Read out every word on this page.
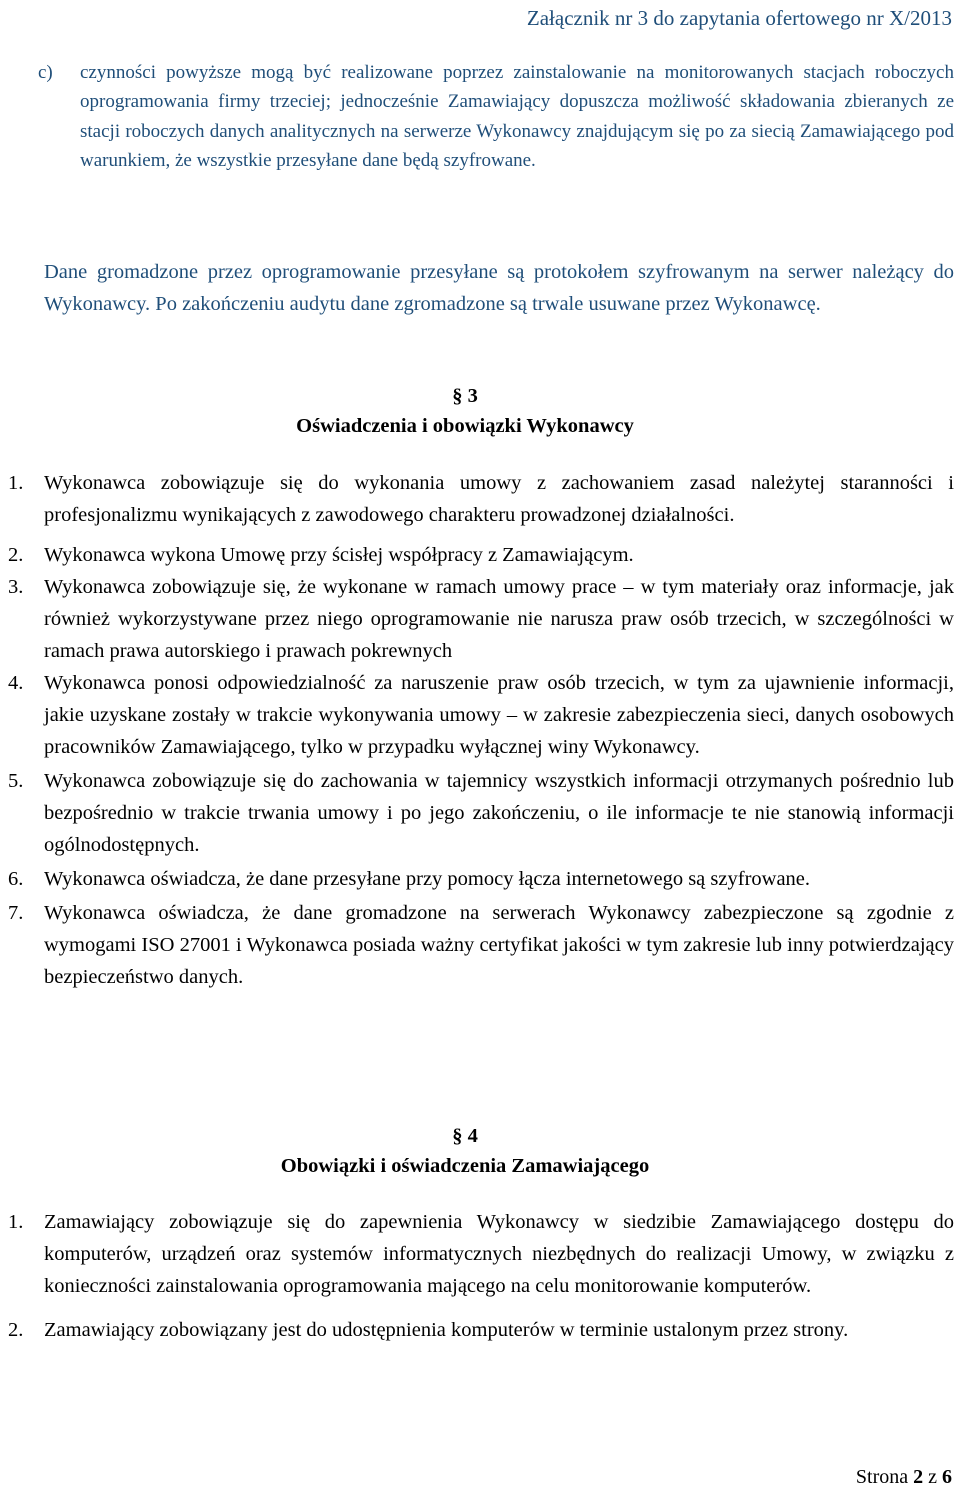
Załącznik nr 3 do zapytania ofertowego nr X/2013
c) czynności powyższe mogą być realizowane poprzez zainstalowanie na monitorowanych stacjach roboczych oprogramowania firmy trzeciej; jednocześnie Zamawiający dopuszcza możliwość składowania zbieranych ze stacji roboczych danych analitycznych na serwerze Wykonawcy znajdującym się po za siecią Zamawiającego pod warunkiem, że wszystkie przesyłane dane będą szyfrowane.
Dane gromadzone przez oprogramowanie przesyłane są protokołem szyfrowanym na serwer należący do Wykonawcy. Po zakończeniu audytu dane zgromadzone są trwale usuwane przez Wykonawcę.
§ 3
Oświadczenia i obowiązki Wykonawcy
1. Wykonawca zobowiązuje się do wykonania umowy z zachowaniem zasad należytej staranności i profesjonalizmu wynikających z zawodowego charakteru prowadzonej działalności.
2. Wykonawca wykona Umowę przy ścisłej współpracy z Zamawiającym.
3. Wykonawca zobowiązuje się, że wykonane w ramach umowy prace – w tym materiały oraz informacje, jak również wykorzystywane przez niego oprogramowanie nie narusza praw osób trzecich, w szczególności w ramach prawa autorskiego i prawach pokrewnych
4. Wykonawca ponosi odpowiedzialność za naruszenie praw osób trzecich, w tym za ujawnienie informacji, jakie uzyskane zostały w trakcie wykonywania umowy – w zakresie zabezpieczenia sieci, danych osobowych pracowników Zamawiającego, tylko w przypadku wyłącznej winy Wykonawcy.
5. Wykonawca zobowiązuje się do zachowania w tajemnicy wszystkich informacji otrzymanych pośrednio lub bezpośrednio w trakcie trwania umowy i po jego zakończeniu, o ile informacje te nie stanowią informacji ogólnodostępnych.
6. Wykonawca oświadcza, że dane przesyłane przy pomocy łącza internetowego są szyfrowane.
7. Wykonawca oświadcza, że dane gromadzone na serwerach Wykonawcy zabezpieczone są zgodnie z wymogami ISO 27001 i Wykonawca posiada ważny certyfikat jakości w tym zakresie lub inny potwierdzający bezpieczeństwo danych.
§ 4
Obowiązki i oświadczenia Zamawiającego
1. Zamawiający zobowiązuje się do zapewnienia Wykonawcy w siedzibie Zamawiającego dostępu do komputerów, urządzeń oraz systemów informatycznych niezbędnych do realizacji Umowy, w związku z konieczności zainstalowania oprogramowania mającego na celu monitorowanie komputerów.
2. Zamawiający zobowiązany jest do udostępnienia komputerów w terminie ustalonym przez strony.
Strona 2 z 6
